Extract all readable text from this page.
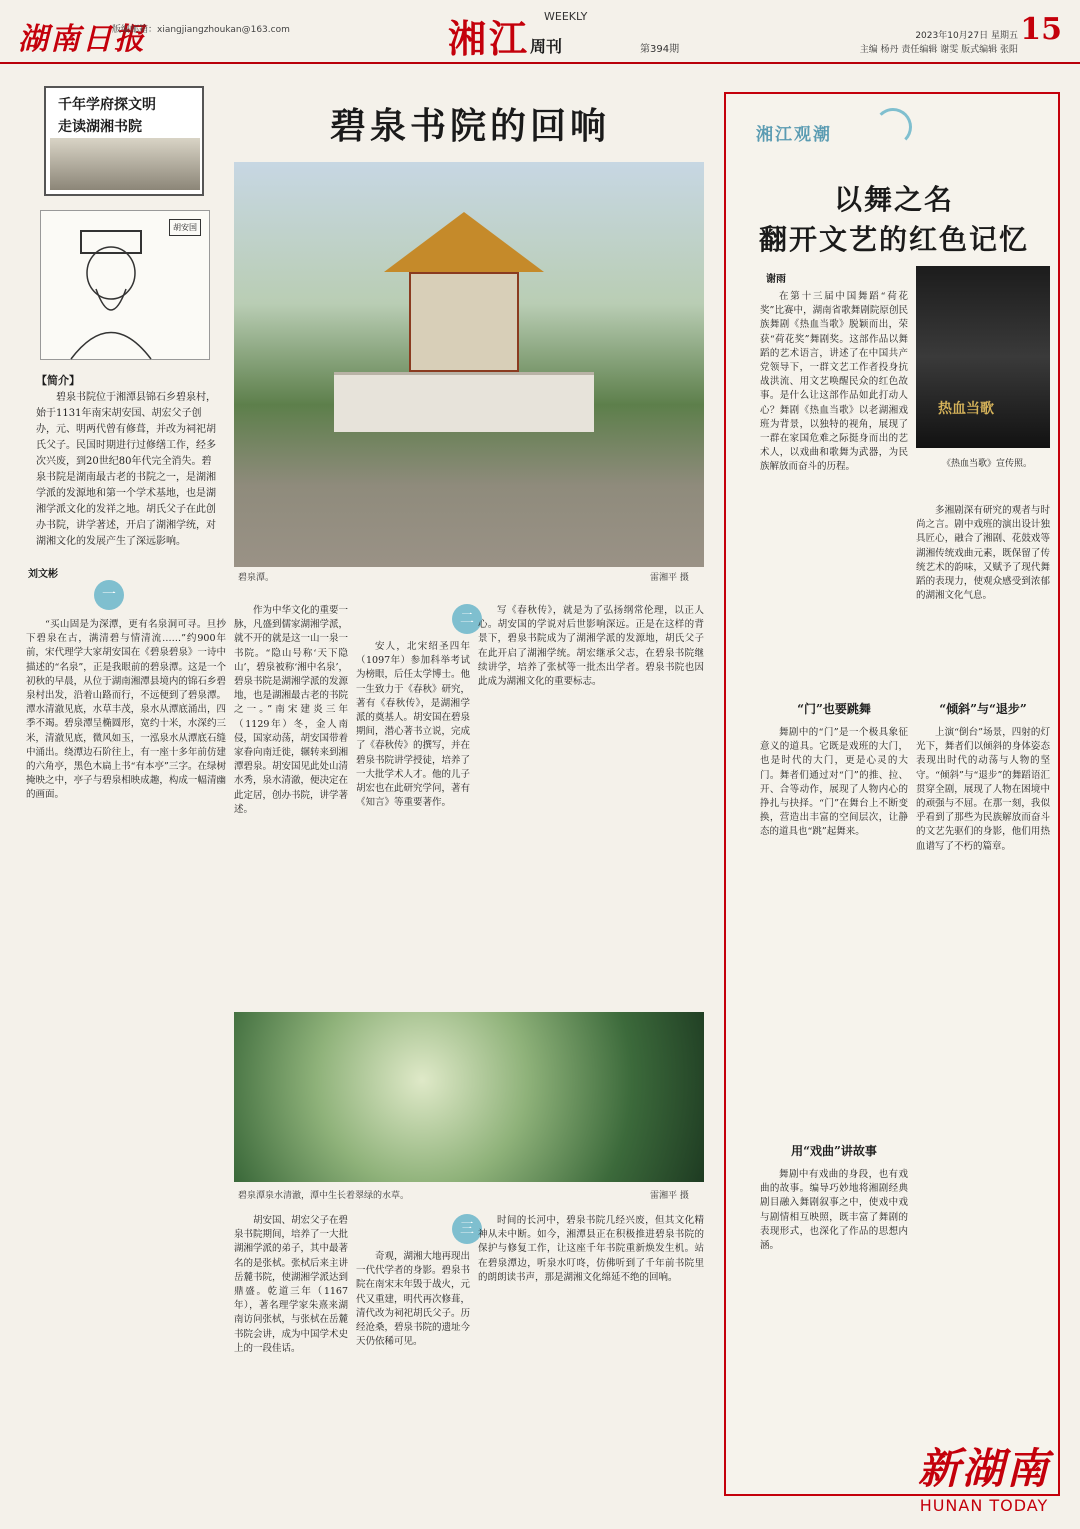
湖南日报
版编邮箱：xiangjiangzhoukan@163.com	湘江周刊
WEEKLY
第394期
2023年10月27日 星期五
主编 杨丹 责任编辑 谢雯 版式编辑 张阳
15
千年学府探文明
走读湖湘书院
胡安国
【简介】
碧泉书院位于湘潭县锦石乡碧泉村，始于1131年南宋胡安国、胡宏父子创办，元、明两代曾有修葺，并改为祠祀胡氏父子。民国时期进行过修缮工作，经多次兴废，到20世纪80年代完全消失。碧泉书院是湖南最古老的书院之一，是湖湘学派的发源地和第一个学术基地，也是湖湘学派文化的发祥之地。胡氏父子在此创办书院，讲学著述，开启了湖湘学统，对湖湘文化的发展产生了深远影响。
刘文彬
碧泉书院的回响
碧泉潭。	雷湘平 摄
一
二
三

“买山固是为深潭，更有名泉洞可寻。旦抄下碧泉在古，满清碧与情清流……”约900年前，宋代理学大家胡安国在《碧泉碧泉》一诗中描述的“名泉”，正是我眼前的碧泉潭。这是一个初秋的早晨，从位于湖南湘潭县境内的锦石乡碧泉村出发，沿着山路而行，不远便到了碧泉潭。潭水清澈见底，水草丰茂，泉水从潭底涌出，四季不竭。碧泉潭呈椭圆形，宽约十米，水深约三米，清澈见底，微风如玉，一泓泉水从潭底石缝中涌出。绕潭边石阶往上，有一座十多年前仿建的六角亭，黑色木扁上书“有本亭”三字。在绿树掩映之中，亭子与碧泉相映成趣，构成一幅清幽的画面。

作为中华文化的重要一脉，凡盛到儒家湖湘学派，就不开的就是这一山一泉一书院。“隐山号称‘天下隐山’，碧泉被称‘湘中名泉’，碧泉书院是湖湘学派的发源地，也是湖湘最古老的书院之一。”南宋建炎三年（1129年）冬，金人南侵，国家动荡，胡安国带着家眷向南迁徙，辗转来到湘潭碧泉。胡安国见此处山清水秀，泉水清澈，便决定在此定居，创办书院，讲学著述。

安人，北宋绍圣四年（1097年）参加科举考试为榜眼，后任太学博士。他一生致力于《春秋》研究，著有《春秋传》，是湖湘学派的奠基人。胡安国在碧泉期间，潜心著书立说，完成了《春秋传》的撰写，并在碧泉书院讲学授徒，培养了一大批学术人才。他的儿子胡宏也在此研究学问，著有《知言》等重要著作。

写《春秋传》，就是为了弘扬纲常伦理，以正人心。胡安国的学说对后世影响深远。正是在这样的背景下，碧泉书院成为了湖湘学派的发源地，胡氏父子在此开启了湖湘学统。胡宏继承父志，在碧泉书院继续讲学，培养了张栻等一批杰出学者。碧泉书院也因此成为湖湘文化的重要标志。

碧泉潭泉水清澈，潭中生长着翠绿的水草。	雷湘平 摄

胡安国、胡宏父子在碧泉书院期间，培养了一大批湖湘学派的弟子，其中最著名的是张栻。张栻后来主讲岳麓书院，使湖湘学派达到鼎盛。乾道三年（1167年），著名理学家朱熹来湖南访问张栻，与张栻在岳麓书院会讲，成为中国学术史上的一段佳话。

奇观，湖湘大地再现出一代代学者的身影。碧泉书院在南宋末年毁于战火，元代又重建，明代再次修葺，清代改为祠祀胡氏父子。历经沧桑，碧泉书院的遗址今天仍依稀可见。

时间的长河中，碧泉书院几经兴废，但其文化精神从未中断。如今，湘潭县正在积极推进碧泉书院的保护与修复工作，让这座千年书院重新焕发生机。站在碧泉潭边，听泉水叮咚，仿佛听到了千年前书院里的朗朗读书声，那是湖湘文化绵延不绝的回响。

湘江观潮
以舞之名
翻开文艺的红色记忆
谢雨
热血当歌
《热血当歌》宣传照。

在第十三届中国舞蹈“荷花奖”比赛中，湖南省歌舞剧院原创民族舞剧《热血当歌》脱颖而出，荣获“荷花奖”舞剧奖。这部作品以舞蹈的艺术语言，讲述了在中国共产党领导下，一群文艺工作者投身抗战洪流、用文艺唤醒民众的红色故事。是什么让这部作品如此打动人心？舞剧《热血当歌》以老湖湘戏班为背景，以独特的视角，展现了一群在家国危难之际挺身而出的艺术人，以戏曲和歌舞为武器，为民族解放而奋斗的历程。

多湘剧深有研究的观者与时尚之言。剧中戏班的演出设计独具匠心，融合了湘剧、花鼓戏等湖湘传统戏曲元素，既保留了传统艺术的韵味，又赋予了现代舞蹈的表现力，使观众感受到浓郁的湖湘文化气息。

“门”也要跳舞

舞剧中的“门”是一个极具象征意义的道具。它既是戏班的大门，也是时代的大门，更是心灵的大门。舞者们通过对“门”的推、拉、开、合等动作，展现了人物内心的挣扎与抉择。“门”在舞台上不断变换，营造出丰富的空间层次，让静态的道具也“跳”起舞来。

用“戏曲”讲故事

舞剧中有戏曲的身段，也有戏曲的故事。编导巧妙地将湘剧经典剧目融入舞剧叙事之中，使戏中戏与剧情相互映照，既丰富了舞剧的表现形式，也深化了作品的思想内涵。

“倾斜”与“退步”

上演“倒台”场景，四射的灯光下，舞者们以倾斜的身体姿态表现出时代的动荡与人物的坚守。“倾斜”与“退步”的舞蹈语汇贯穿全剧，展现了人物在困境中的顽强与不屈。在那一刻，我似乎看到了那些为民族解放而奋斗的文艺先驱们的身影，他们用热血谱写了不朽的篇章。

新湖南
HUNAN TODAY
